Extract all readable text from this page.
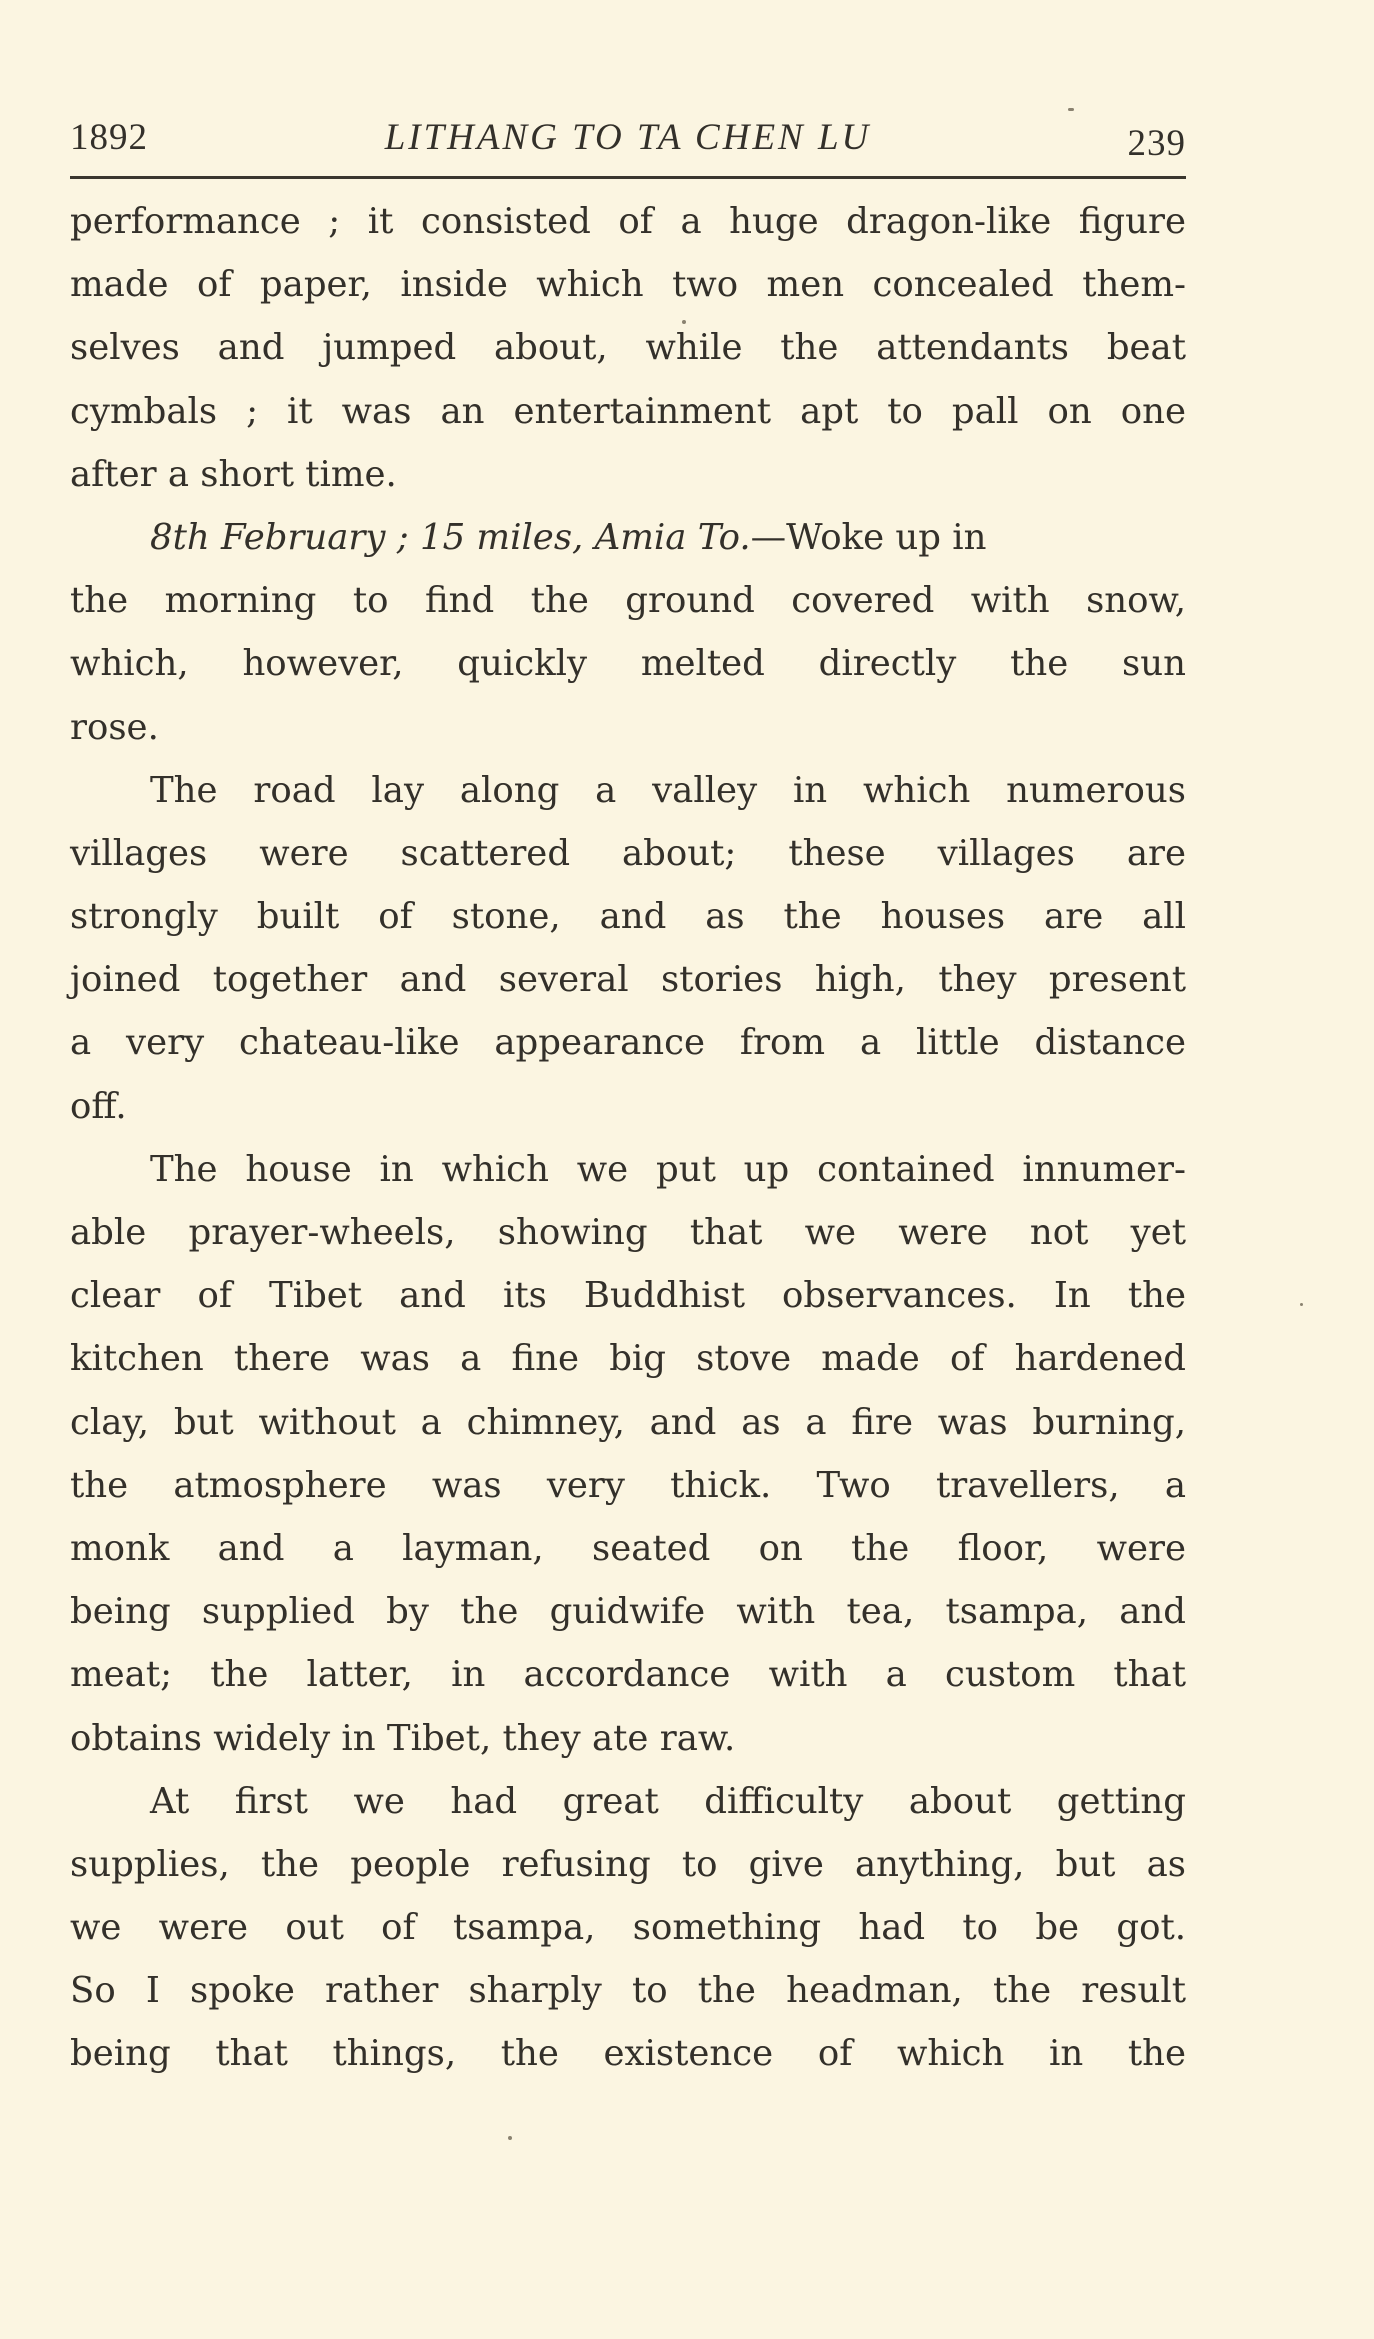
1892	LITHANG TO TA CHEN LU	239
performance ; it consisted of a huge dragon-like figure
made of paper, inside which two men concealed them-
selves and jumped about, while the attendants beat
cymbals ; it was an entertainment apt to pall on one
after a short time.
8th February ; 15 miles, Amia To.—Woke up in
the morning to find the ground covered with snow,
which, however, quickly melted directly the sun
rose.
The road lay along a valley in which numerous
villages were scattered about; these villages are
strongly built of stone, and as the houses are all
joined together and several stories high, they present
a very chateau-like appearance from a little distance
off.
The house in which we put up contained innumer-
able prayer-wheels, showing that we were not yet
clear of Tibet and its Buddhist observances. In the
kitchen there was a fine big stove made of hardened
clay, but without a chimney, and as a fire was burning,
the atmosphere was very thick. Two travellers, a
monk and a layman, seated on the floor, were
being supplied by the guidwife with tea, tsampa, and
meat; the latter, in accordance with a custom that
obtains widely in Tibet, they ate raw.
At first we had great difficulty about getting
supplies, the people refusing to give anything, but as
we were out of tsampa, something had to be got.
So I spoke rather sharply to the headman, the result
being that things, the existence of which in the
